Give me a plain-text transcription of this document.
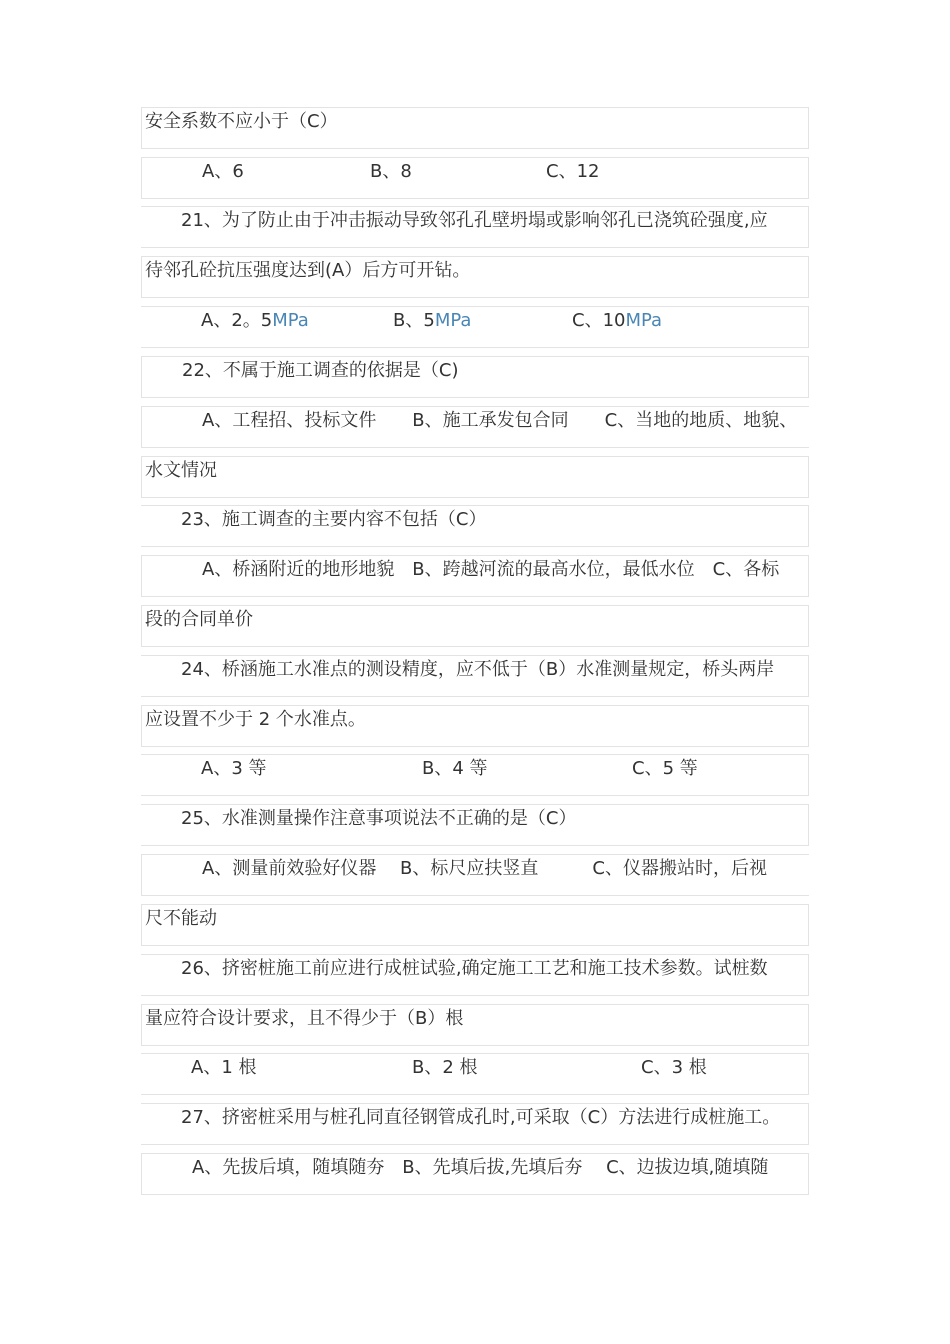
安全系数不应小于（C）
A、6	B、8	C、12
21、为了防止由于冲击振动导致邻孔孔壁坍塌或影响邻孔已浇筑砼强度,应
待邻孔砼抗压强度达到(A）后方可开钻。
A、2。5MPa	B、5MPa	C、10MPa
22、不属于施工调查的依据是（C)
A、工程招、投标文件　　B、施工承发包合同　　C、当地的地质、地貌、
水文情况
23、施工调查的主要内容不包括（C）
A、桥涵附近的地形地貌　B、跨越河流的最高水位，最低水位　C、各标
段的合同单价
24、桥涵施工水准点的测设精度，应不低于（B）水准测量规定，桥头两岸
应设置不少于 2 个水准点。
A、3 等	B、4 等	C、5 等
25、水准测量操作注意事项说法不正确的是（C）
A、测量前效验好仪器　 B、标尺应扶竖直　　　C、仪器搬站时，后视
尺不能动
26、挤密桩施工前应进行成桩试验,确定施工工艺和施工技术参数。试桩数
量应符合设计要求，且不得少于（B）根
A、1 根	B、2 根	C、3 根
27、挤密桩采用与桩孔同直径钢管成孔时,可采取（C）方法进行成桩施工。
A、先拔后填，随填随夯　B、先填后拔,先填后夯　 C、边拔边填,随填随
